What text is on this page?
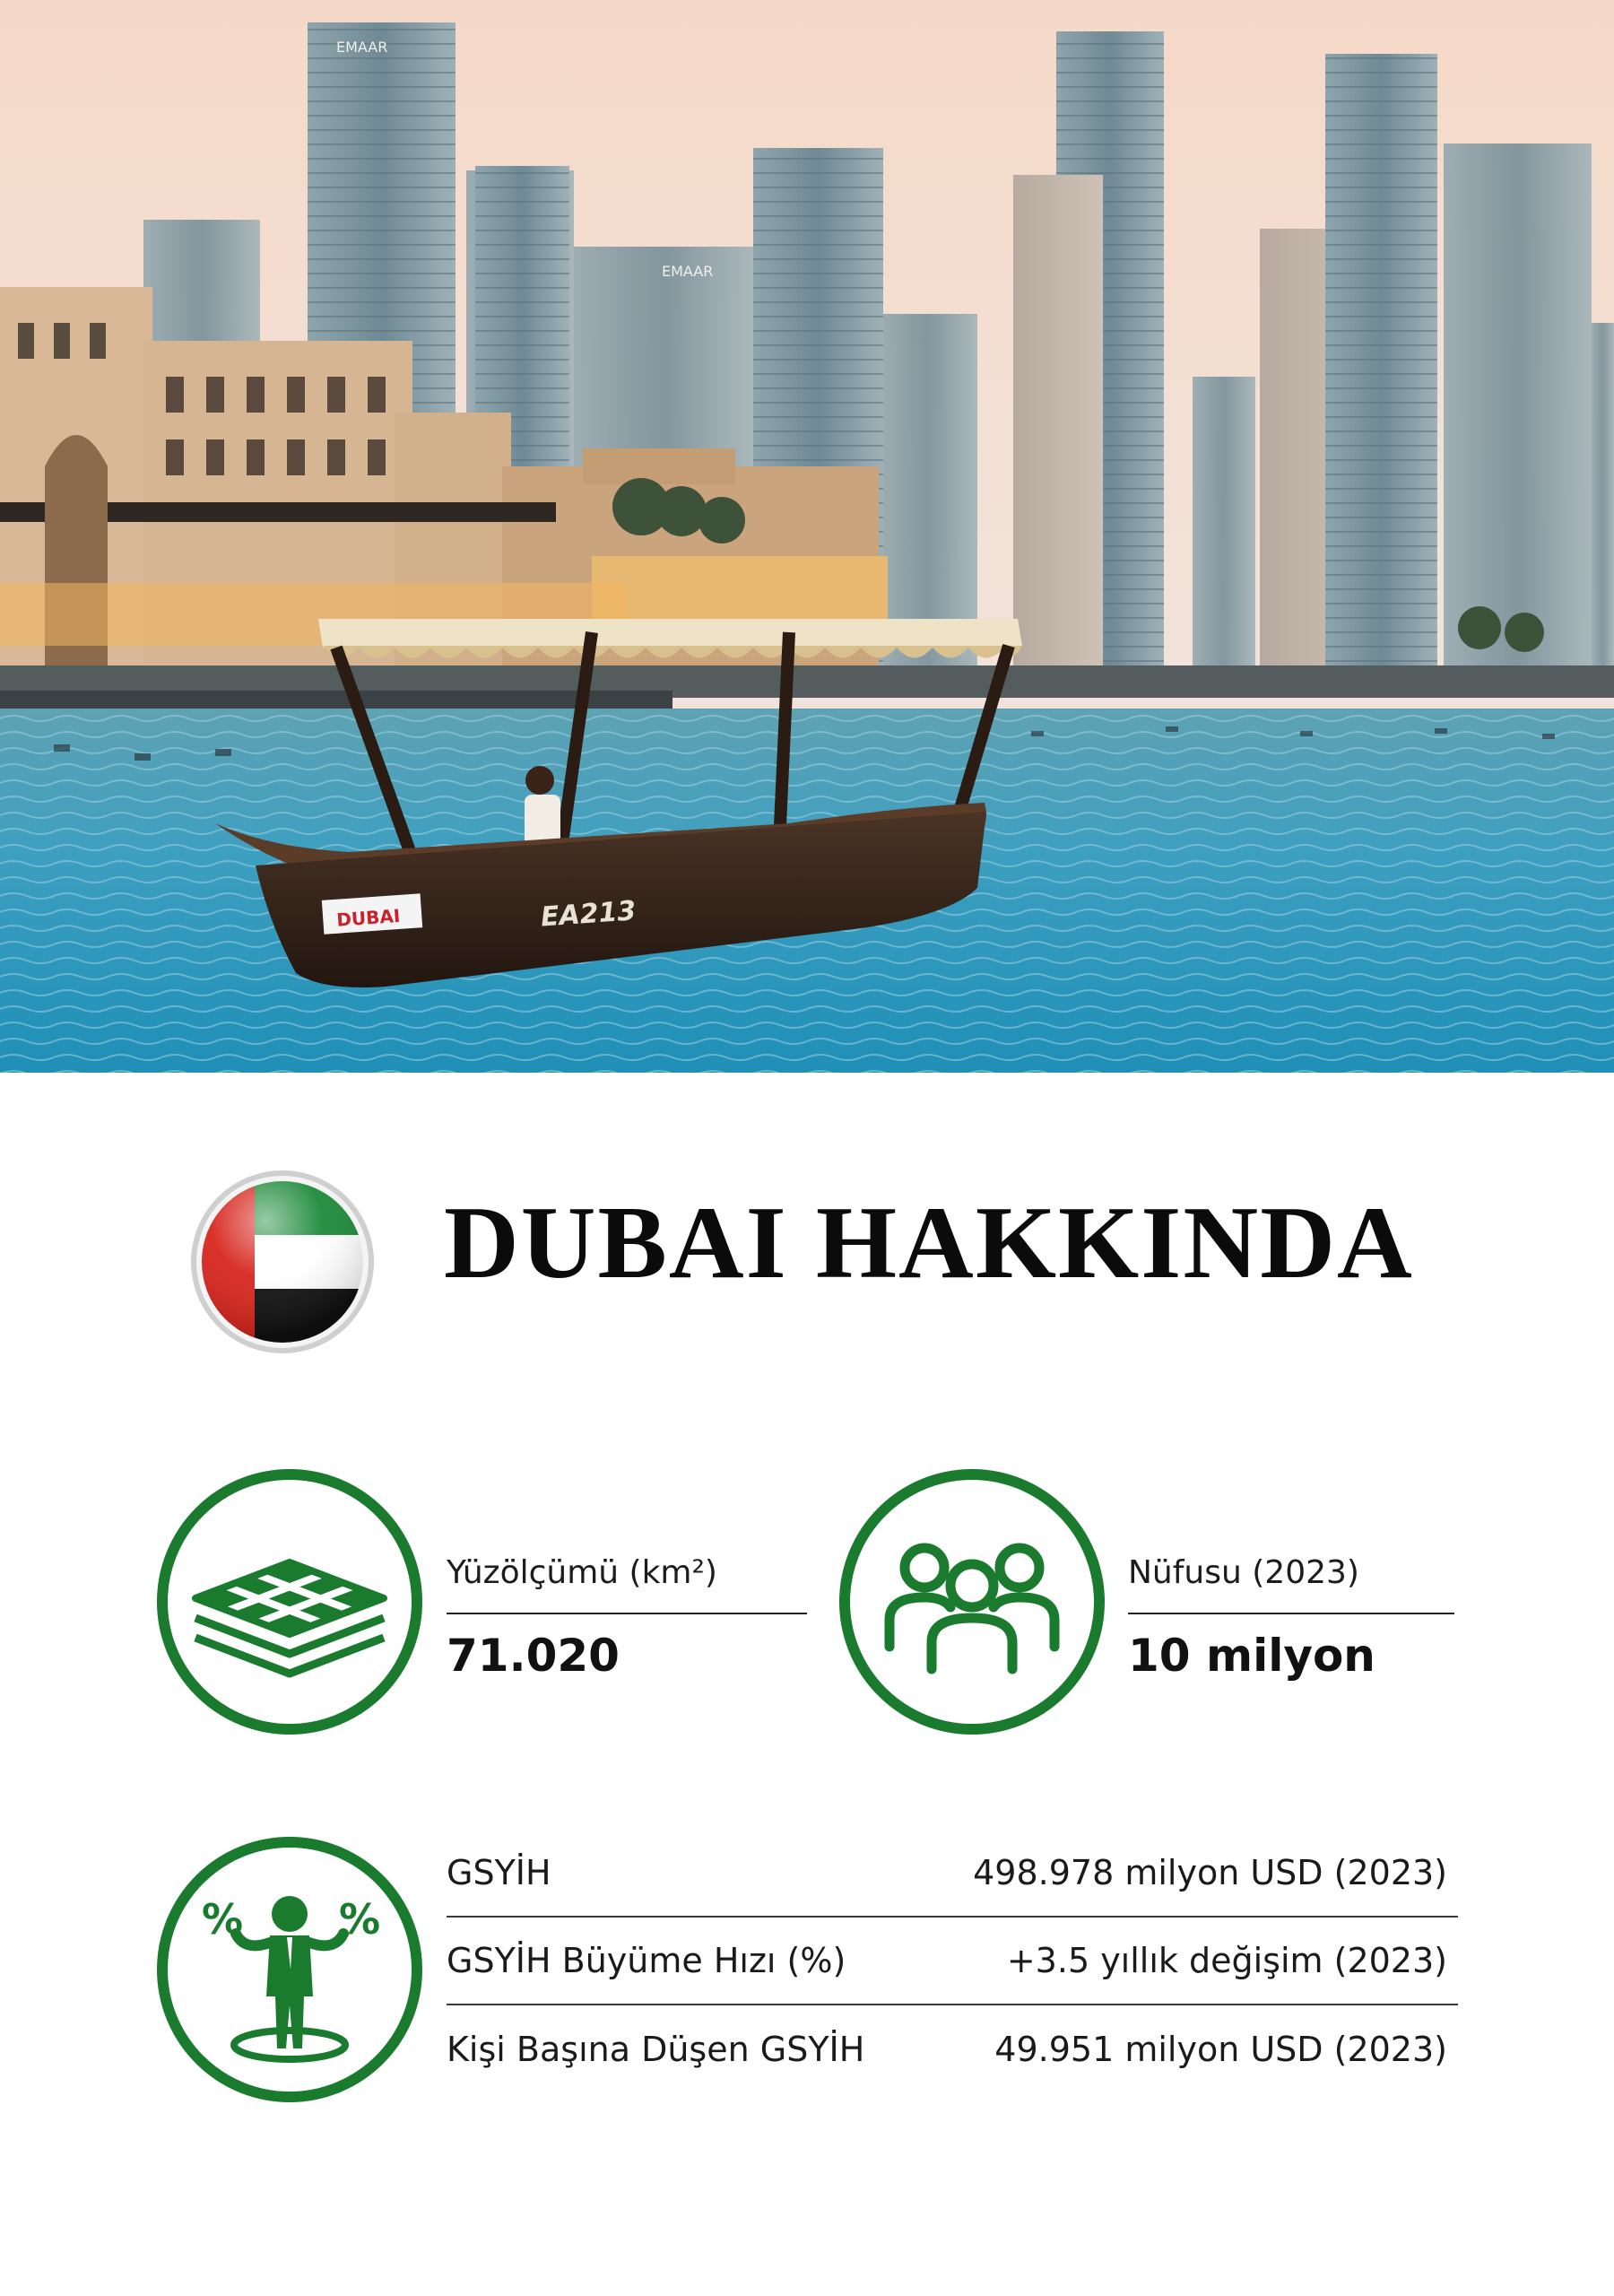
EMAAR
EMAAR
DUBAI	EA213
DUBAI HAKKINDA
Yüzölçümü (km²)
71.020
Nüfusu (2023)
10 milyon
% %
GSYİH	498.978 milyon USD (2023)
GSYİH Büyüme Hızı (%)	+3.5 yıllık değişim (2023)
Kişi Başına Düşen GSYİH	49.951 milyon USD (2023)
